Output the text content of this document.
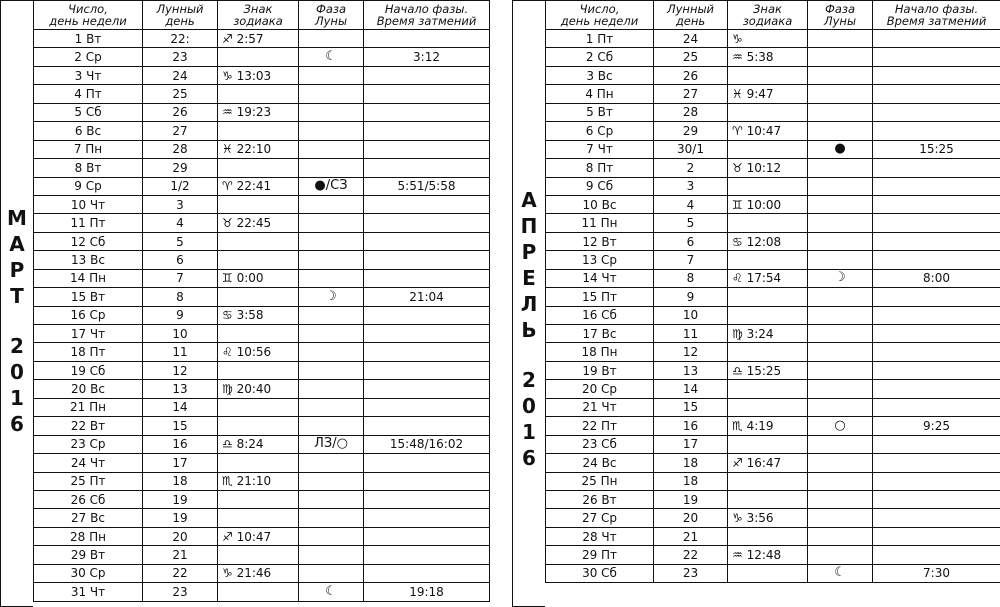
М
А
Р
Т
2
0
1
6
Число,
день недели	Лунный
день	Знак
зодиака	Фаза
Луны	Начало фазы.
Время затмений
1 Вт	22:	♐ 2:57		
2 Ср	23		☾	3:12
3 Чт	24	♑ 13:03		
4 Пт	25			
5 Сб	26	♒ 19:23		
6 Вс	27			
7 Пн	28	♓ 22:10		
8 Вт	29			
9 Ср	1/2	♈ 22:41	●/СЗ	5:51/5:58
10 Чт	3			
11 Пт	4	♉ 22:45		
12 Сб	5			
13 Вс	6			
14 Пн	7	♊ 0:00		
15 Вт	8		☽	21:04
16 Ср	9	♋ 3:58		
17 Чт	10			
18 Пт	11	♌ 10:56		
19 Сб	12			
20 Вс	13	♍ 20:40		
21 Пн	14			
22 Вт	15			
23 Ср	16	♎ 8:24	ЛЗ/○	15:48/16:02
24 Чт	17			
25 Пт	18	♏ 21:10		
26 Сб	19			
27 Вс	19			
28 Пн	20	♐ 10:47		
29 Вт	21			
30 Ср	22	♑ 21:46		
31 Чт	23		☾	19:18
А
П
Р
Е
Л
Ь
2
0
1
6
Число,
день недели	Лунный
день	Знак
зодиака	Фаза
Луны	Начало фазы.
Время затмений
1 Пт	24	♑		
2 Сб	25	♒ 5:38		
3 Вс	26			
4 Пн	27	♓ 9:47		
5 Вт	28			
6 Ср	29	♈ 10:47		
7 Чт	30/1		●	15:25
8 Пт	2	♉ 10:12		
9 Сб	3			
10 Вс	4	♊ 10:00		
11 Пн	5			
12 Вт	6	♋ 12:08		
13 Ср	7			
14 Чт	8	♌ 17:54	☽	8:00
15 Пт	9			
16 Сб	10			
17 Вс	11	♍ 3:24		
18 Пн	12			
19 Вт	13	♎ 15:25		
20 Ср	14			
21 Чт	15			
22 Пт	16	♏ 4:19	○	9:25
23 Сб	17			
24 Вс	18	♐ 16:47		
25 Пн	18			
26 Вт	19			
27 Ср	20	♑ 3:56		
28 Чт	21			
29 Пт	22	♒ 12:48		
30 Сб	23		☾	7:30
